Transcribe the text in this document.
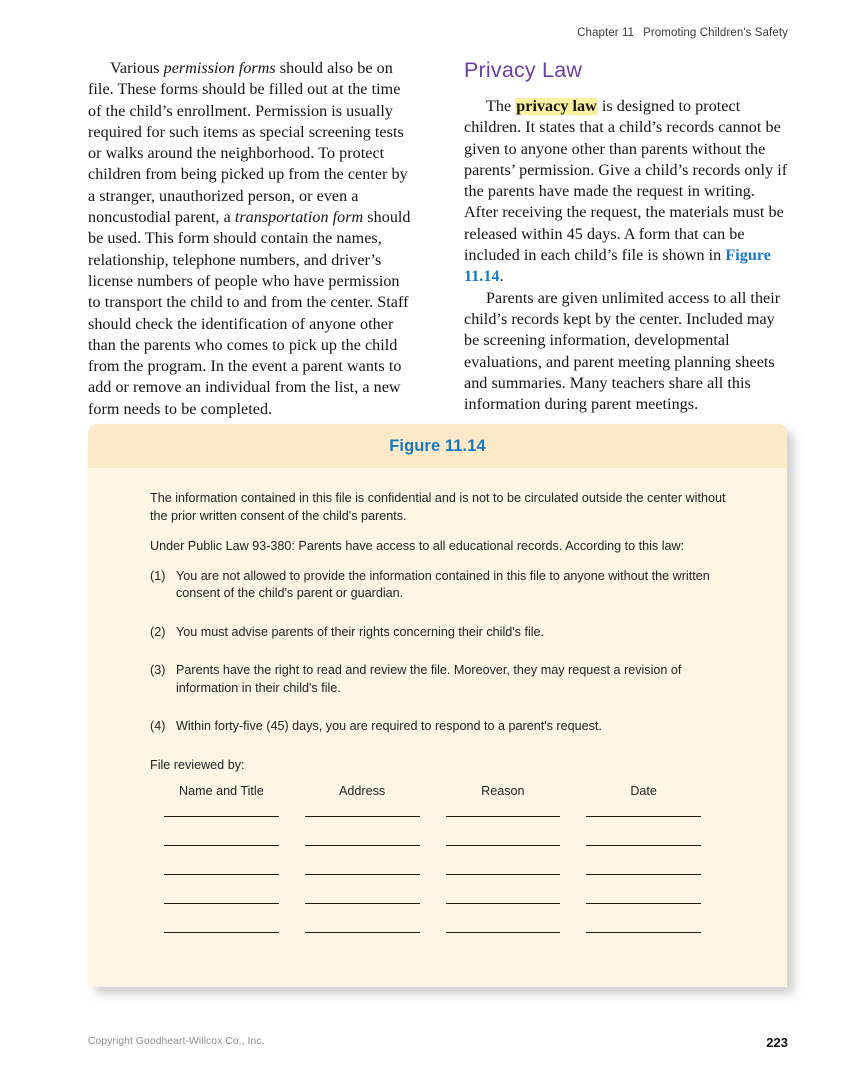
Chapter 11 Promoting Children's Safety

Various permission forms should also be on file. These forms should be filled out at the time of the child’s enrollment. Permission is usually required for such items as special screening tests or walks around the neighborhood. To protect children from being picked up from the center by a stranger, unauthorized person, or even a noncustodial parent, a transportation form should be used. This form should contain the names, relationship, telephone numbers, and driver’s license numbers of people who have permission to transport the child to and from the center. Staff should check the identification of anyone other than the parents who comes to pick up the child from the program. In the event a parent wants to add or remove an individual from the list, a new form needs to be completed.

Privacy Law

The privacy law is designed to protect children. It states that a child’s records cannot be given to anyone other than parents without the parents’ permission. Give a child’s records only if the parents have made the request in writing. After receiving the request, the materials must be released within 45 days. A form that can be included in each child’s file is shown in Figure 11.14.

Parents are given unlimited access to all their child’s records kept by the center. Included may be screening information, developmental evaluations, and parent meeting planning sheets and summaries. Many teachers share all this information during parent meetings.

Figure 11.14

The information contained in this file is confidential and is not to be circulated outside the center without the prior written consent of the child's parents.

Under Public Law 93-380: Parents have access to all educational records. According to this law:

(1) You are not allowed to provide the information contained in this file to anyone without the written consent of the child's parent or guardian.
(2) You must advise parents of their rights concerning their child's file.
(3) Parents have the right to read and review the file. Moreover, they may request a revision of information in their child's file.
(4) Within forty-five (45) days, you are required to respond to a parent's request.

File reviewed by:

Name and Title	Address	Reason	Date
Copyright Goodheart-Willcox Co., Inc.	223
